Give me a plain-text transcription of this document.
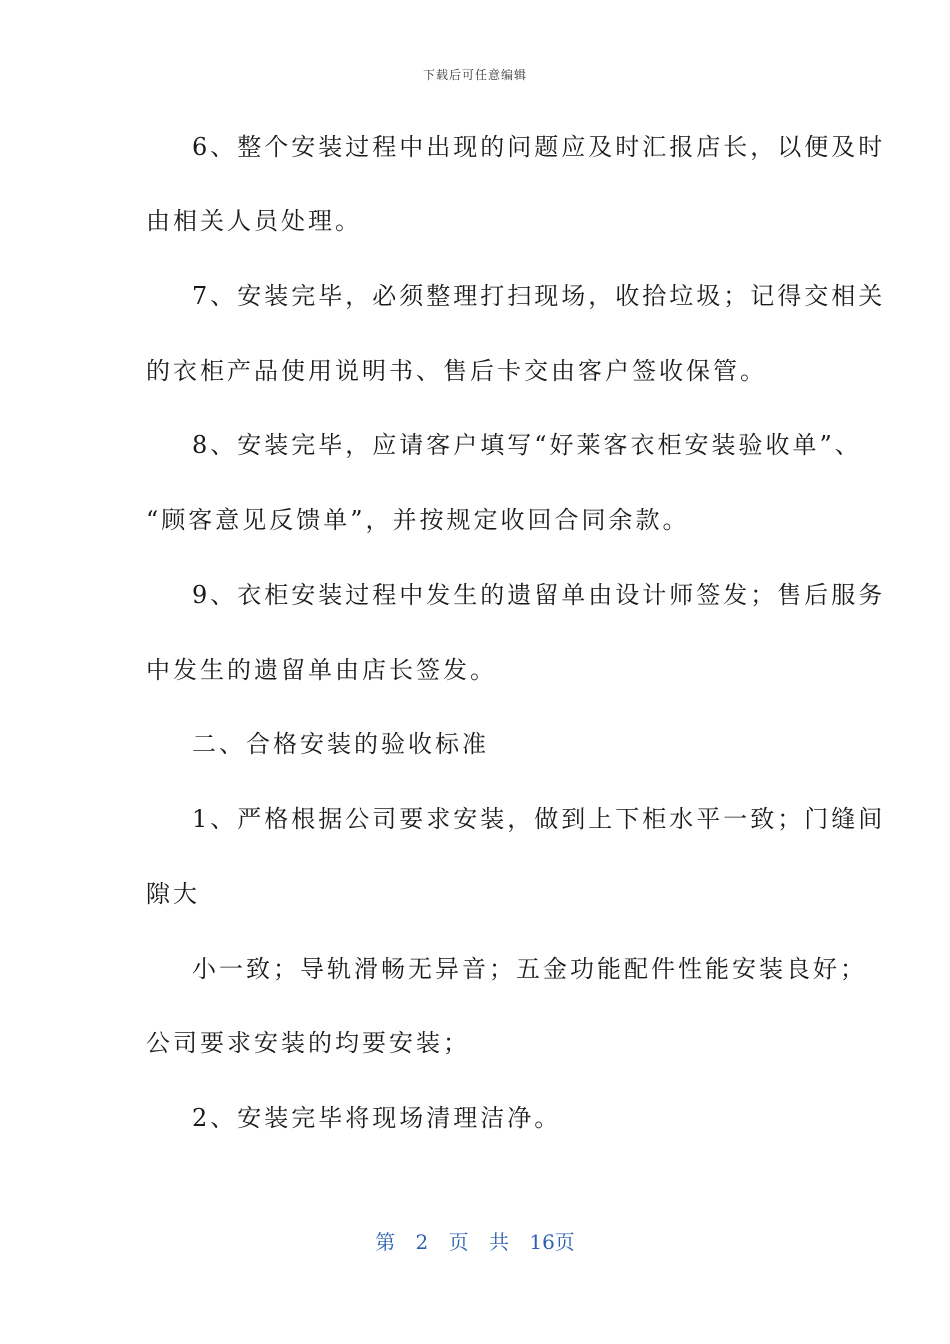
下载后可任意编辑
6、整个安装过程中出现的问题应及时汇报店长，以便及时
由相关人员处理。
7、安装完毕，必须整理打扫现场，收拾垃圾；记得交相关
的衣柜产品使用说明书、售后卡交由客户签收保管。
8、安装完毕，应请客户填写“好莱客衣柜安装验收单”、
“顾客意见反馈单”，并按规定收回合同余款。
9、衣柜安装过程中发生的遗留单由设计师签发；售后服务
中发生的遗留单由店长签发。
二、合格安装的验收标准
1、严格根据公司要求安装，做到上下柜水平一致；门缝间
隙大
小一致；导轨滑畅无异音；五金功能配件性能安装良好；
公司要求安装的均要安装；
2、安装完毕将现场清理洁净。
第 2 页 共 16页
